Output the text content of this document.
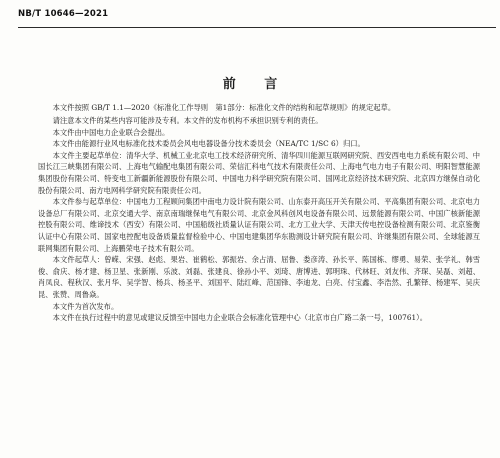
NB/T 10646—2021
前 言

本文件按照 GB/T 1.1—2020《标准化工作导则　第1部分：标准化文件的结构和起草规则》的规定起草。

请注意本文件的某些内容可能涉及专利。本文件的发布机构不承担识别专利的责任。

本文件由中国电力企业联合会提出。

本文件由能源行业风电标准化技术委员会风电电器设备分技术委员会（NEA/TC 1/SC 6）归口。

本文件主要起草单位：清华大学、机械工业北京电工技术经济研究所、清华四川能源互联网研究院、西安西电电力系统有限公司、中国长江三峡集团有限公司、上海电气输配电集团有限公司、荣信汇科电气技术有限责任公司、上海电气电力电子有限公司、明阳智慧能源集团股份有限公司、特变电工新疆新能源股份有限公司、中国电力科学研究院有限公司、国网北京经济技术研究院、北京四方继保自动化股份有限公司、南方电网科学研究院有限责任公司。

本文件参与起草单位：中国电力工程顾问集团中南电力设计院有限公司、山东泰开高压开关有限公司、平高集团有限公司、北京电力设备总厂有限公司、北京交通大学、南京南瑞继保电气有限公司、北京金风科创风电设备有限公司、远景能源有限公司、中国广核新能源控股有限公司、维谛技术（西安）有限公司、中国船级社质量认证有限公司、北方工业大学、天津天传电控设备检测有限公司、北京鉴衡认证中心有限公司、国家电控配电设备质量监督检验中心、中国电建集团华东勘测设计研究院有限公司、许继集团有限公司、全球能源互联网集团有限公司、上海鹏荣电子技术有限公司。

本文件起草人：曾嵘、宋强、赵彪、果岩、崔鹤松、郭振岩、余占清、屈鲁、娄彦涛、孙长平、陈国栋、缪勇、易荣、张学礼、韩雪俊、俞庆、杨才建、杨卫星、张新刚、乐波、刘磊、张建良、徐孙小平、刘琦、唐博进、郭明珠、代林旺、刘友伟、齐琛、吴磊、刘超、肖凤良、程秋汉、张月华、吴学智、杨兵、杨圣平、刘国平、陆红峰、范国锋、李迪龙、白亮、付宝鑫、李浩然、孔繁铎、杨建军、吴庆昆、张赞、周鲁焱。

本文件为首次发布。

本文件在执行过程中的意见或建议反馈至中国电力企业联合会标准化管理中心（北京市白广路二条一号，100761）。
